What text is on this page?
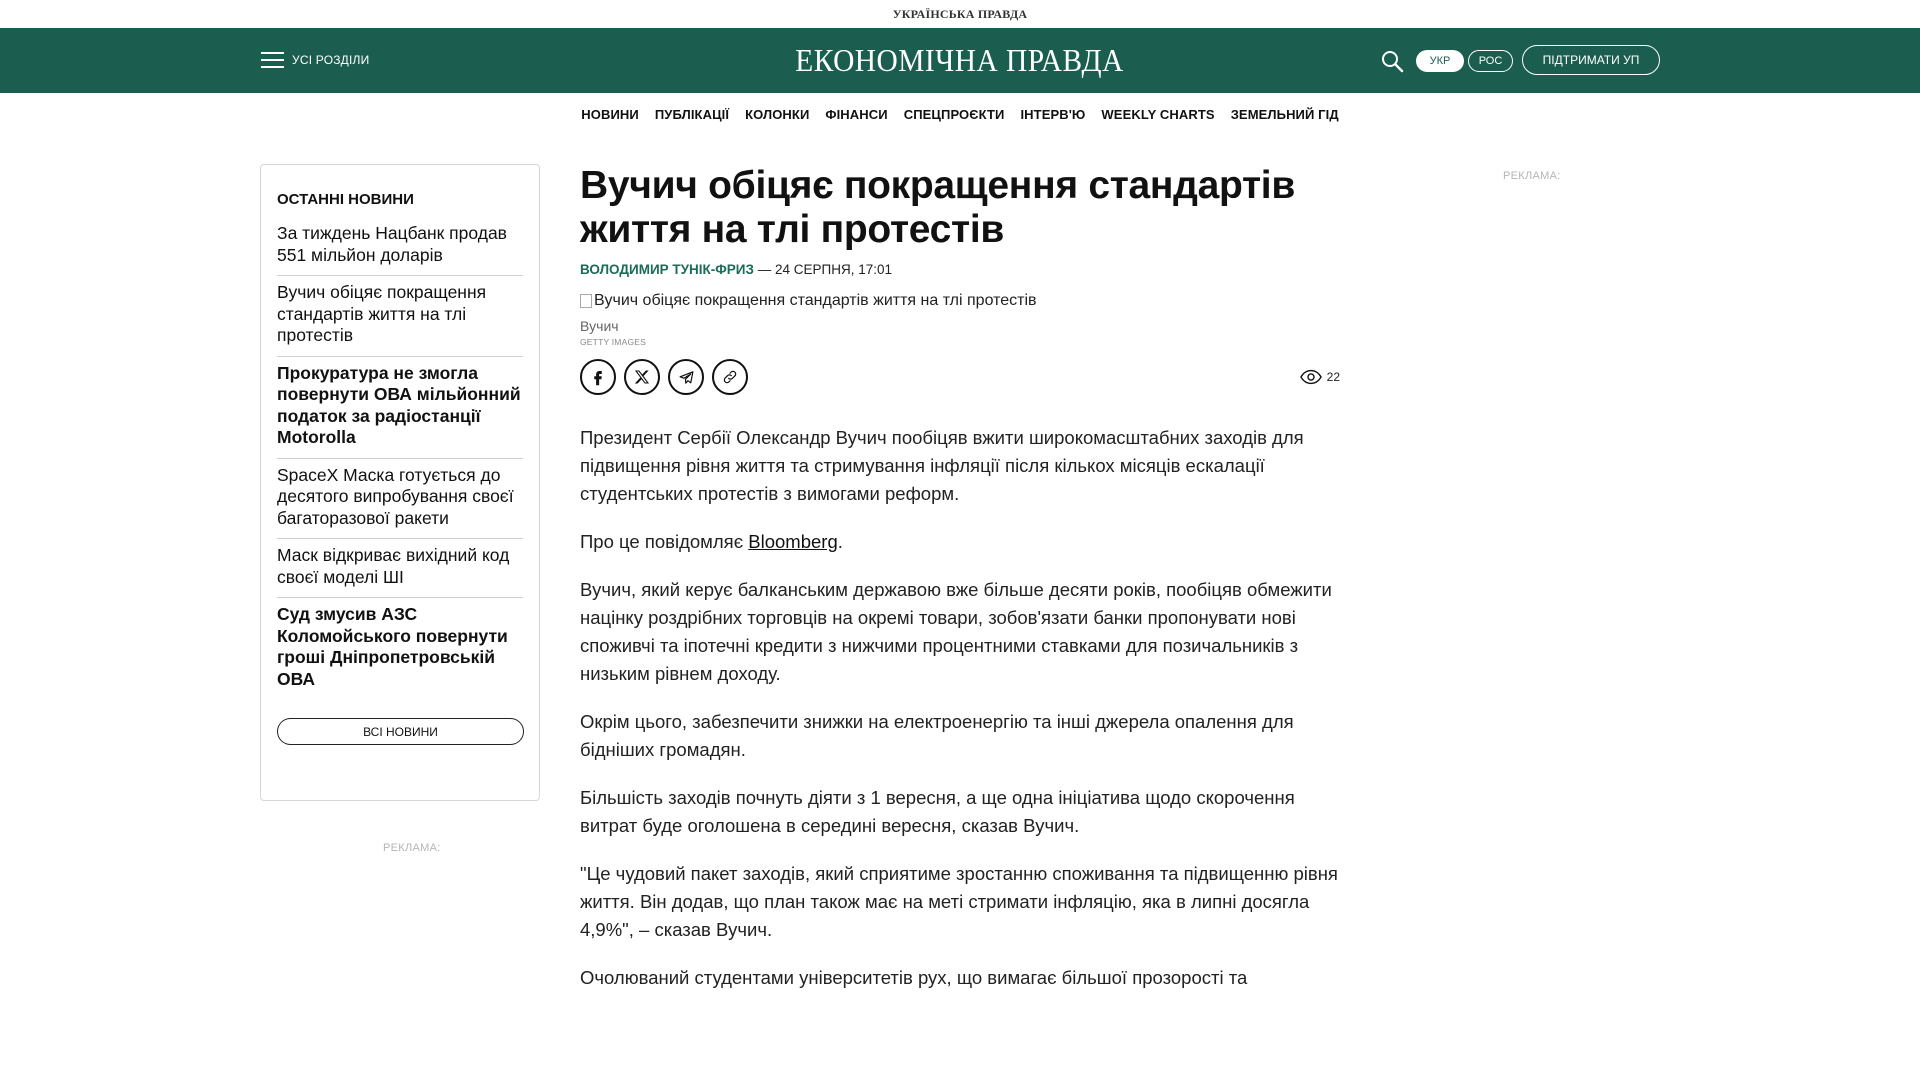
УКРАЇНСЬКА ПРАВДА
УСІ РОЗДІЛИ	ЕКОНОМІЧНА ПРАВДА	УКР	РОС	ПІДТРИМАТИ УП
НОВИНИ ПУБЛІКАЦІЇ КОЛОНКИ ФІНАНСИ СПЕЦПРОЄКТИ ІНТЕРВ'Ю WEEKLY CHARTS ЗЕМЕЛЬНИЙ ГІД
ОСТАННІ НОВИНИ
За тиждень Нацбанк продав 551 мільйон доларів
Вучич обіцяє покращення стандартів життя на тлі протестів
Прокуратура не змогла повернути ОВА мільйонний податок за радіостанції Motorolla
SpaceX Маска готується до десятого випробування своєї багаторазової ракети
Маск відкриває вихідний код своєї моделі ШІ
Суд змусив АЗС Коломойського повернути гроші Дніпропетровській ОВА
ВСІ НОВИНИ
РЕКЛАМА:
РЕКЛАМА:
Вучич обіцяє покращення стандартів життя на тлі протестів
ВОЛОДИМИР ТУНІК-ФРИЗ — 24 СЕРПНЯ, 17:01
Вучич обіцяє покращення стандартів життя на тлі протестів
Вучич
GETTY IMAGES
22

Президент Сербії Олександр Вучич пообіцяв вжити широкомасштабних заходів для підвищення рівня життя та стримування інфляції після кількох місяців ескалації студентських протестів з вимогами реформ.

Про це повідомляє Bloomberg.

Вучич, який керує балканським державою вже більше десяти років, пообіцяв обмежити націнку роздрібних торговців на окремі товари, зобов'язати банки пропонувати нові споживчі та іпотечні кредити з нижчими процентними ставками для позичальників з низьким рівнем доходу.

Окрім цього, забезпечити знижки на електроенергію та інші джерела опалення для бідніших громадян.

Більшість заходів почнуть діяти з 1 вересня, а ще одна ініціатива щодо скорочення витрат буде оголошена в середині вересня, сказав Вучич.

"Це чудовий пакет заходів, який сприятиме зростанню споживання та підвищенню рівня життя. Він додав, що план також має на меті стримати інфляцію, яка в липні досягла 4,9%", – сказав Вучич.

Очолюваний студентами університетів рух, що вимагає більшої прозорості та
